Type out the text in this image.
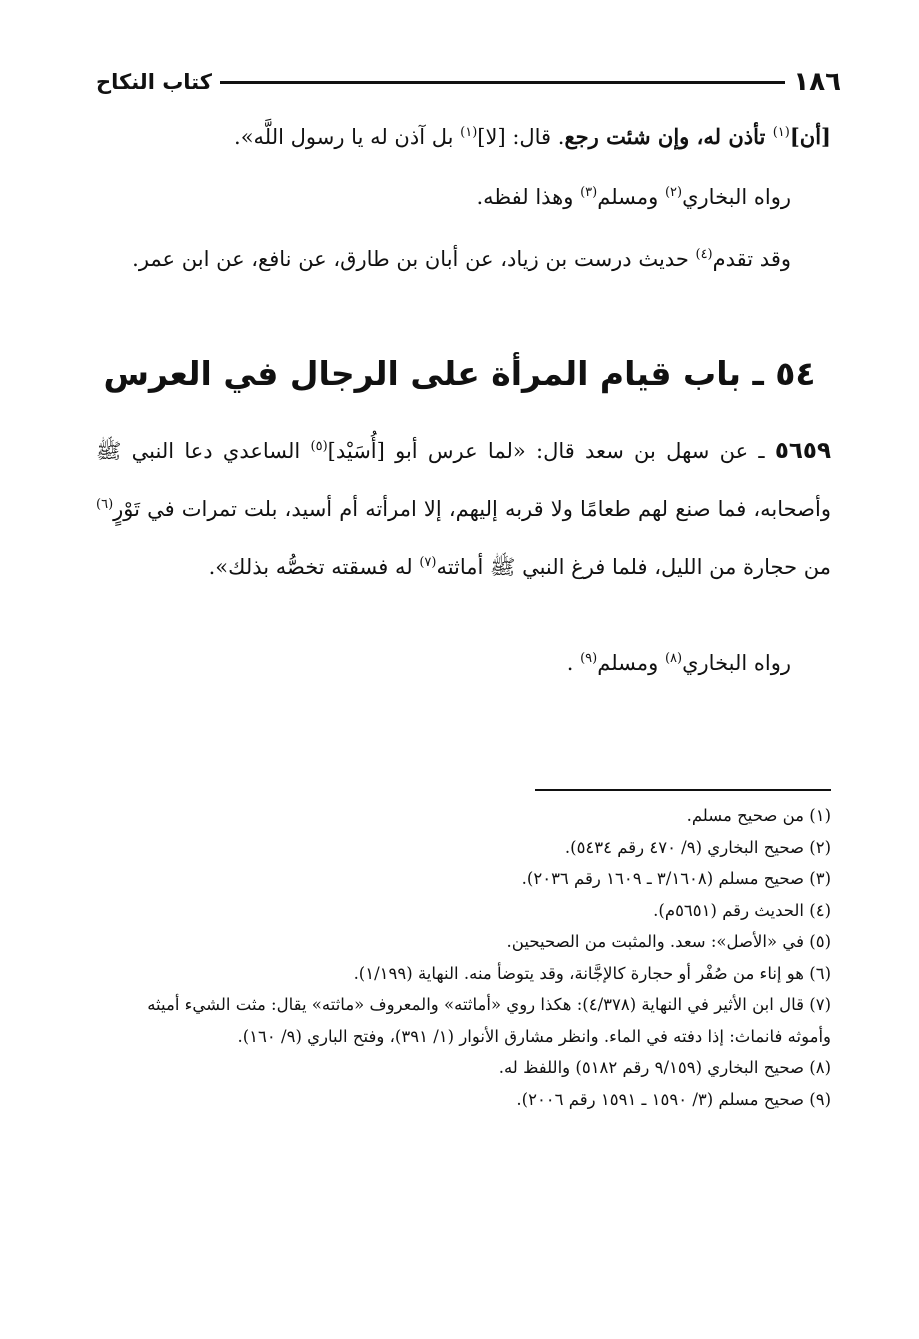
١٨٦
كتاب النكاح

[أن]$^{(١)}$ تأذن له، وإن شئت رجع. قال: [لا]$^{(١)}$ بل آذن له يا رسول اللَّه».

رواه البخاري$^{(٢)}$ ومسلم$^{(٣)}$ وهذا لفظه.

وقد تقدم$^{(٤)}$ حديث درست بن زياد، عن أبان بن طارق، عن نافع، عن ابن عمر.

٥٤ ـ باب قيام المرأة على الرجال في العرس

٥٦٥٩ ـ عن سهل بن سعد قال: «لما عرس أبو [أُسَيْد]$^{(٥)}$ الساعدي دعا النبي ﷺ وأصحابه، فما صنع لهم طعامًا ولا قربه إليهم، إلا امرأته أم أسيد، بلت تمرات في تَوْرٍ$^{(٦)}$ من حجارة من الليل، فلما فرغ النبي ﷺ أماثته$^{(٧)}$ له فسقته تخصُّه بذلك».

رواه البخاري$^{(٨)}$ ومسلم$^{(٩)}$ .

(١) من صحيح مسلم.
(٢) صحيح البخاري (٩/ ٤٧٠ رقم ٥٤٣٤).
(٣) صحيح مسلم (٣/١٦٠٨ ـ ١٦٠٩ رقم ٢٠٣٦).
(٤) الحديث رقم (٥٦٥١م).
(٥) في «الأصل»: سعد. والمثبت من الصحيحين.
(٦) هو إناء من صُفْر أو حجارة كالإجَّانة، وقد يتوضأ منه. النهاية (١/١٩٩).
(٧) قال ابن الأثير في النهاية (٤/٣٧٨): هكذا روي «أماثته» والمعروف «ماثته» يقال: مثت الشيء أميثه وأموثه فانماث: إذا دفته في الماء. وانظر مشارق الأنوار (١/ ٣٩١)، وفتح الباري (٩/ ١٦٠).
(٨) صحيح البخاري (٩/١٥٩ رقم ٥١٨٢) واللفظ له.
(٩) صحيح مسلم (٣/ ١٥٩٠ ـ ١٥٩١ رقم ٢٠٠٦).
